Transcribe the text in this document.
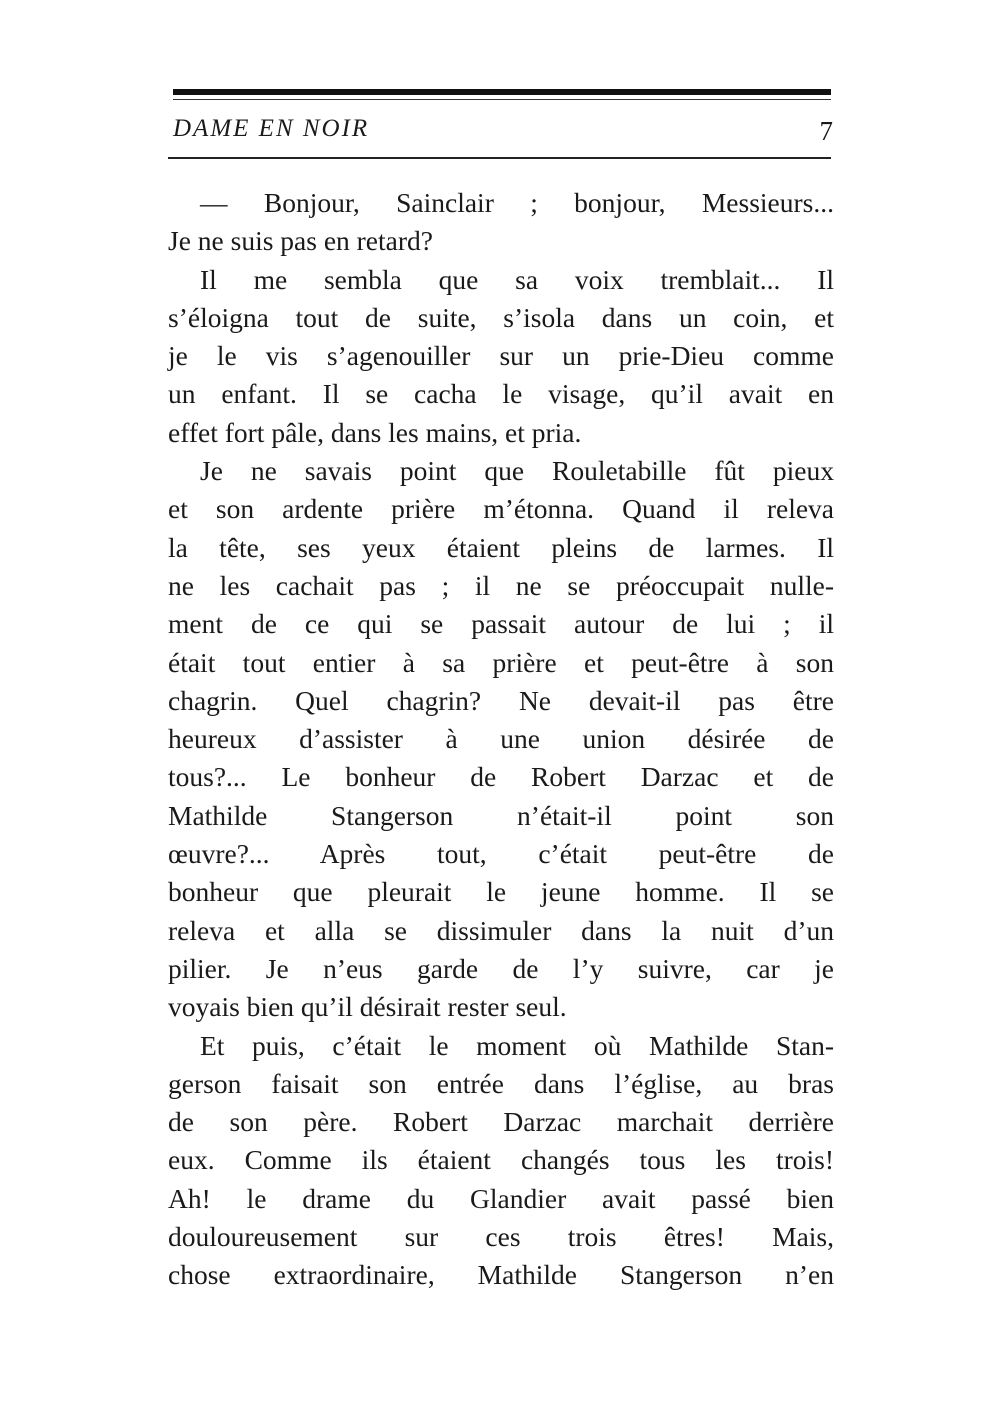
DAME EN NOIR	7
— Bonjour, Sainclair ; bonjour, Messieurs...
Je ne suis pas en retard?
Il me sembla que sa voix tremblait... Il
s’éloigna tout de suite, s’isola dans un coin, et
je le vis s’agenouiller sur un prie-Dieu comme
un enfant. Il se cacha le visage, qu’il avait en
effet fort pâle, dans les mains, et pria.
Je ne savais point que Rouletabille fût pieux
et son ardente prière m’étonna. Quand il releva
la tête, ses yeux étaient pleins de larmes. Il
ne les cachait pas ; il ne se préoccupait nulle-
ment de ce qui se passait autour de lui ; il
était tout entier à sa prière et peut-être à son
chagrin. Quel chagrin? Ne devait-il pas être
heureux d’assister à une union désirée de
tous?... Le bonheur de Robert Darzac et de
Mathilde Stangerson n’était-il point son
œuvre?... Après tout, c’était peut-être de
bonheur que pleurait le jeune homme. Il se
releva et alla se dissimuler dans la nuit d’un
pilier. Je n’eus garde de l’y suivre, car je
voyais bien qu’il désirait rester seul.
Et puis, c’était le moment où Mathilde Stan-
gerson faisait son entrée dans l’église, au bras
de son père. Robert Darzac marchait derrière
eux. Comme ils étaient changés tous les trois!
Ah! le drame du Glandier avait passé bien
douloureusement sur ces trois êtres! Mais,
chose extraordinaire, Mathilde Stangerson n’en
